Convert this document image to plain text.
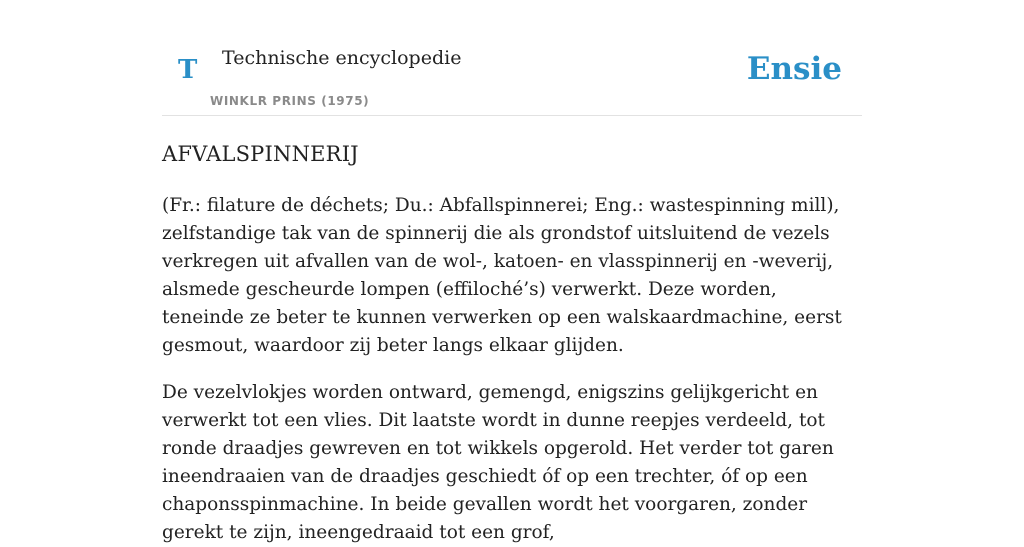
T Technische encyclopedie
WINKLR PRINS (1975)
Ensie
AFVALSPINNERIJ

(Fr.: filature de déchets; Du.: Abfallspinnerei; Eng.: wastespinning mill), zelfstandige tak van de spinnerij die als grondstof uitsluitend de vezels verkregen uit afvallen van de wol-, katoen- en vlasspinnerij en -weverij, alsmede gescheurde lompen (effiloché’s) verwerkt. Deze worden, teneinde ze beter te kunnen verwerken op een walskaardmachine, eerst gesmout, waardoor zij beter langs elkaar glijden.

De vezelvlokjes worden ontward, gemengd, enigszins gelijkgericht en verwerkt tot een vlies. Dit laatste wordt in dunne reepjes verdeeld, tot ronde draadjes gewreven en tot wikkels opgerold. Het verder tot garen ineendraaien van de draadjes geschiedt óf op een trechter, óf op een chaponsspinmachine. In beide gevallen wordt het voorgaren, zonder gerekt te zijn, ineengedraaid tot een grof,
